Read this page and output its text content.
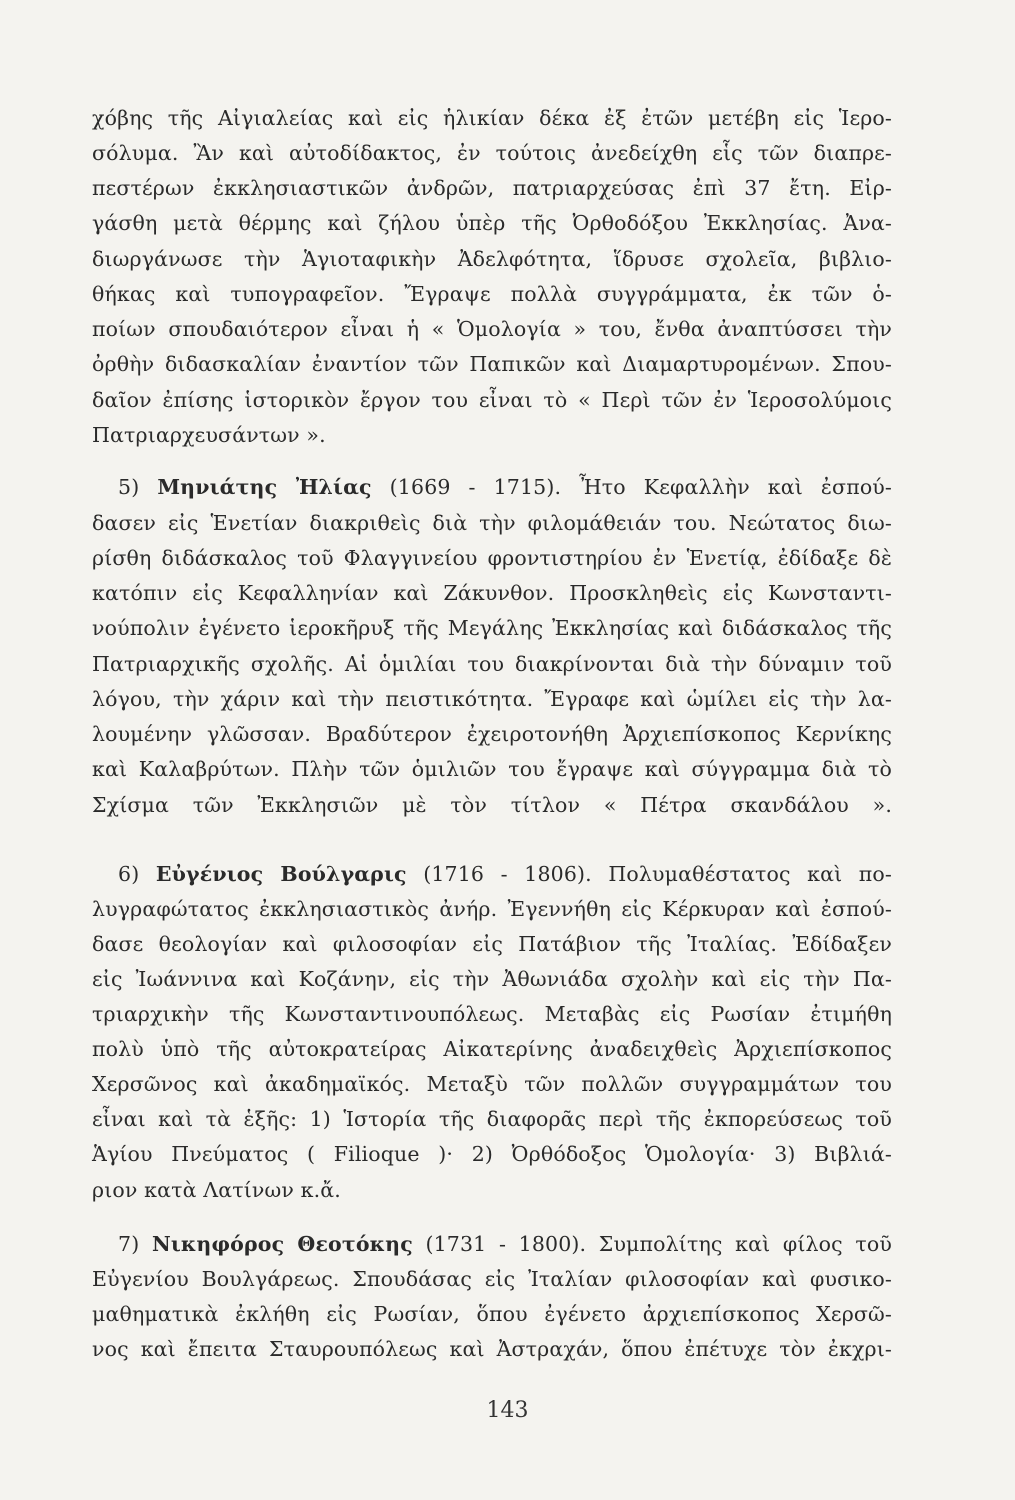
χόβης τῆς Αἰγιαλείας καὶ εἰς ἡλικίαν δέκα ἐξ ἐτῶν μετέβη εἰς Ἱερο-
σόλυμα. Ἂν καὶ αὐτοδίδακτος, ἐν τούτοις ἀνεδείχθη εἷς τῶν διαπρε-
πεστέρων ἐκκλησιαστικῶν ἀνδρῶν, πατριαρχεύσας ἐπὶ 37 ἔτη. Εἰρ-
γάσθη μετὰ θέρμης καὶ ζήλου ὑπὲρ τῆς Ὀρθοδόξου Ἐκκλησίας. Ἀνα-
διωργάνωσε τὴν Ἁγιοταφικὴν Ἀδελφότητα, ἵδρυσε σχολεῖα, βιβλιο-
θήκας καὶ τυπογραφεῖον. Ἔγραψε πολλὰ συγγράμματα, ἐκ τῶν ὁ-
ποίων σπουδαιότερον εἶναι ἡ « Ὁμολογία » του, ἔνθα ἀναπτύσσει τὴν
ὀρθὴν διδασκαλίαν ἐναντίον τῶν Παπικῶν καὶ Διαμαρτυρομένων. Σπου-
δαῖον ἐπίσης ἱστορικὸν ἔργον του εἶναι τὸ « Περὶ τῶν ἐν Ἱεροσολύμοις
Πατριαρχευσάντων ».
5) Μηνιάτης Ἠλίας (1669 - 1715). Ἦτο Κεφαλλὴν καὶ ἐσπού-
δασεν εἰς Ἑνετίαν διακριθεὶς διὰ τὴν φιλομάθειάν του. Νεώτατος διω-
ρίσθη διδάσκαλος τοῦ Φλαγγινείου φροντιστηρίου ἐν Ἑνετίᾳ, ἐδίδαξε δὲ
κατόπιν εἰς Κεφαλληνίαν καὶ Ζάκυνθον. Προσκληθεὶς εἰς Κωνσταντι-
νούπολιν ἐγένετο ἱεροκῆρυξ τῆς Μεγάλης Ἐκκλησίας καὶ διδάσκαλος τῆς
Πατριαρχικῆς σχολῆς. Αἱ ὁμιλίαι του διακρίνονται διὰ τὴν δύναμιν τοῦ
λόγου, τὴν χάριν καὶ τὴν πειστικότητα. Ἔγραφε καὶ ὡμίλει εἰς τὴν λα-
λουμένην γλῶσσαν. Βραδύτερον ἐχειροτονήθη Ἀρχιεπίσκοπος Κερνίκης
καὶ Καλαβρύτων. Πλὴν τῶν ὁμιλιῶν του ἔγραψε καὶ σύγγραμμα διὰ τὸ
Σχίσμα τῶν Ἐκκλησιῶν μὲ τὸν τίτλον « Πέτρα σκανδάλου ».
6) Εὐγένιος Βούλγαρις (1716 - 1806). Πολυμαθέστατος καὶ πο-
λυγραφώτατος ἐκκλησιαστικὸς ἀνήρ. Ἐγεννήθη εἰς Κέρκυραν καὶ ἐσπού-
δασε θεολογίαν καὶ φιλοσοφίαν εἰς Πατάβιον τῆς Ἰταλίας. Ἐδίδαξεν
εἰς Ἰωάννινα καὶ Κοζάνην, εἰς τὴν Ἀθωνιάδα σχολὴν καὶ εἰς τὴν Πα-
τριαρχικὴν τῆς Κωνσταντινουπόλεως. Μεταβὰς εἰς Ρωσίαν ἐτιμήθη
πολὺ ὑπὸ τῆς αὐτοκρατείρας Αἰκατερίνης ἀναδειχθεὶς Ἀρχιεπίσκοπος
Χερσῶνος καὶ ἀκαδημαϊκός. Μεταξὺ τῶν πολλῶν συγγραμμάτων του
εἶναι καὶ τὰ ἑξῆς: 1) Ἱστορία τῆς διαφορᾶς περὶ τῆς ἐκπορεύσεως τοῦ
Ἁγίου Πνεύματος ( Filioque )· 2) Ὀρθόδοξος Ὁμολογία· 3) Βιβλιά-
ριον κατὰ Λατίνων κ.ἄ.
7) Νικηφόρος Θεοτόκης (1731 - 1800). Συμπολίτης καὶ φίλος τοῦ
Εὐγενίου Βουλγάρεως. Σπουδάσας εἰς Ἰταλίαν φιλοσοφίαν καὶ φυσικο-
μαθηματικὰ ἐκλήθη εἰς Ρωσίαν, ὅπου ἐγένετο ἀρχιεπίσκοπος Χερσῶ-
νος καὶ ἔπειτα Σταυρουπόλεως καὶ Ἀστραχάν, ὅπου ἐπέτυχε τὸν ἐκχρι-
143
